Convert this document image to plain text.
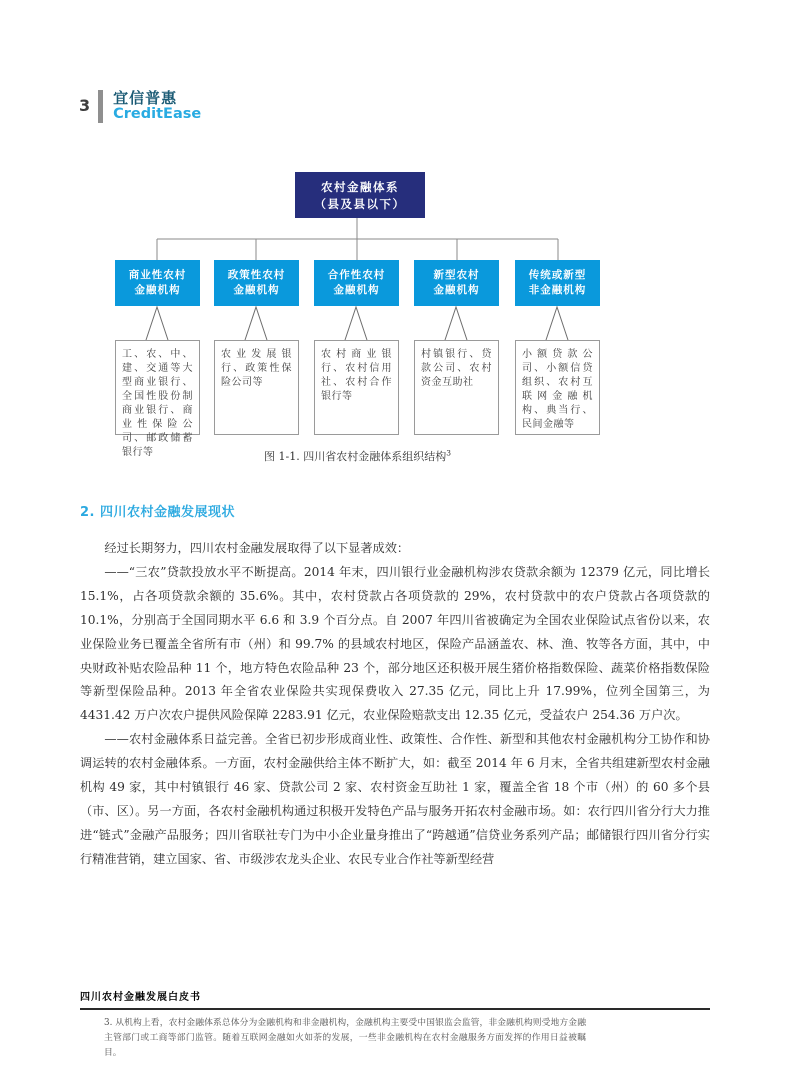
3 宜信普惠
CreditEase
农村金融体系
（县及县以下）
商业性农村
金融机构
政策性农村
金融机构
合作性农村
金融机构
新型农村
金融机构
传统或新型
非金融机构
工、农、中、建、交通等大型商业银行、全国性股份制商业银行、商业性保险公司、邮政储蓄银行等
农业发展银行、政策性保险公司等
农村商业银行、农村信用社、农村合作银行等
村镇银行、贷款公司、农村资金互助社
小额贷款公司、小额信贷组织、农村互联网金融机构、典当行、民间金融等
图 1-1. 四川省农村金融体系组织结构$^3$
2. 四川农村金融发展现状

经过长期努力，四川农村金融发展取得了以下显著成效：

——“三农”贷款投放水平不断提高。2014 年末，四川银行业金融机构涉农贷款余额为 12379 亿元，同比增长 15.1%，占各项贷款余额的 35.6%。其中，农村贷款占各项贷款的 29%，农村贷款中的农户贷款占各项贷款的 10.1%，分别高于全国同期水平 6.6 和 3.9 个百分点。自 2007 年四川省被确定为全国农业保险试点省份以来，农业保险业务已覆盖全省所有市（州）和 99.7% 的县域农村地区，保险产品涵盖农、林、渔、牧等各方面，其中，中央财政补贴农险品种 11 个，地方特色农险品种 23 个，部分地区还积极开展生猪价格指数保险、蔬菜价格指数保险等新型保险品种。2013 年全省农业保险共实现保费收入 27.35 亿元，同比上升 17.99%，位列全国第三，为 4431.42 万户次农户提供风险保障 2283.91 亿元，农业保险赔款支出 12.35 亿元，受益农户 254.36 万户次。

——农村金融体系日益完善。全省已初步形成商业性、政策性、合作性、新型和其他农村金融机构分工协作和协调运转的农村金融体系。一方面，农村金融供给主体不断扩大，如：截至 2014 年 6 月末，全省共组建新型农村金融机构 49 家，其中村镇银行 46 家、贷款公司 2 家、农村资金互助社 1 家，覆盖全省 18 个市（州）的 60 多个县（市、区）。另一方面，各农村金融机构通过积极开发特色产品与服务开拓农村金融市场。如：农行四川省分行大力推进“链式”金融产品服务；四川省联社专门为中小企业量身推出了“跨越通”信贷业务系列产品；邮储银行四川省分行实行精准营销，建立国家、省、市级涉农龙头企业、农民专业合作社等新型经营

四川农村金融发展白皮书

3. 从机构上看，农村金融体系总体分为金融机构和非金融机构，金融机构主要受中国银监会监管，非金融机构则受地方金融主管部门或工商等部门监管。随着互联网金融如火如荼的发展，一些非金融机构在农村金融服务方面发挥的作用日益被瞩目。
